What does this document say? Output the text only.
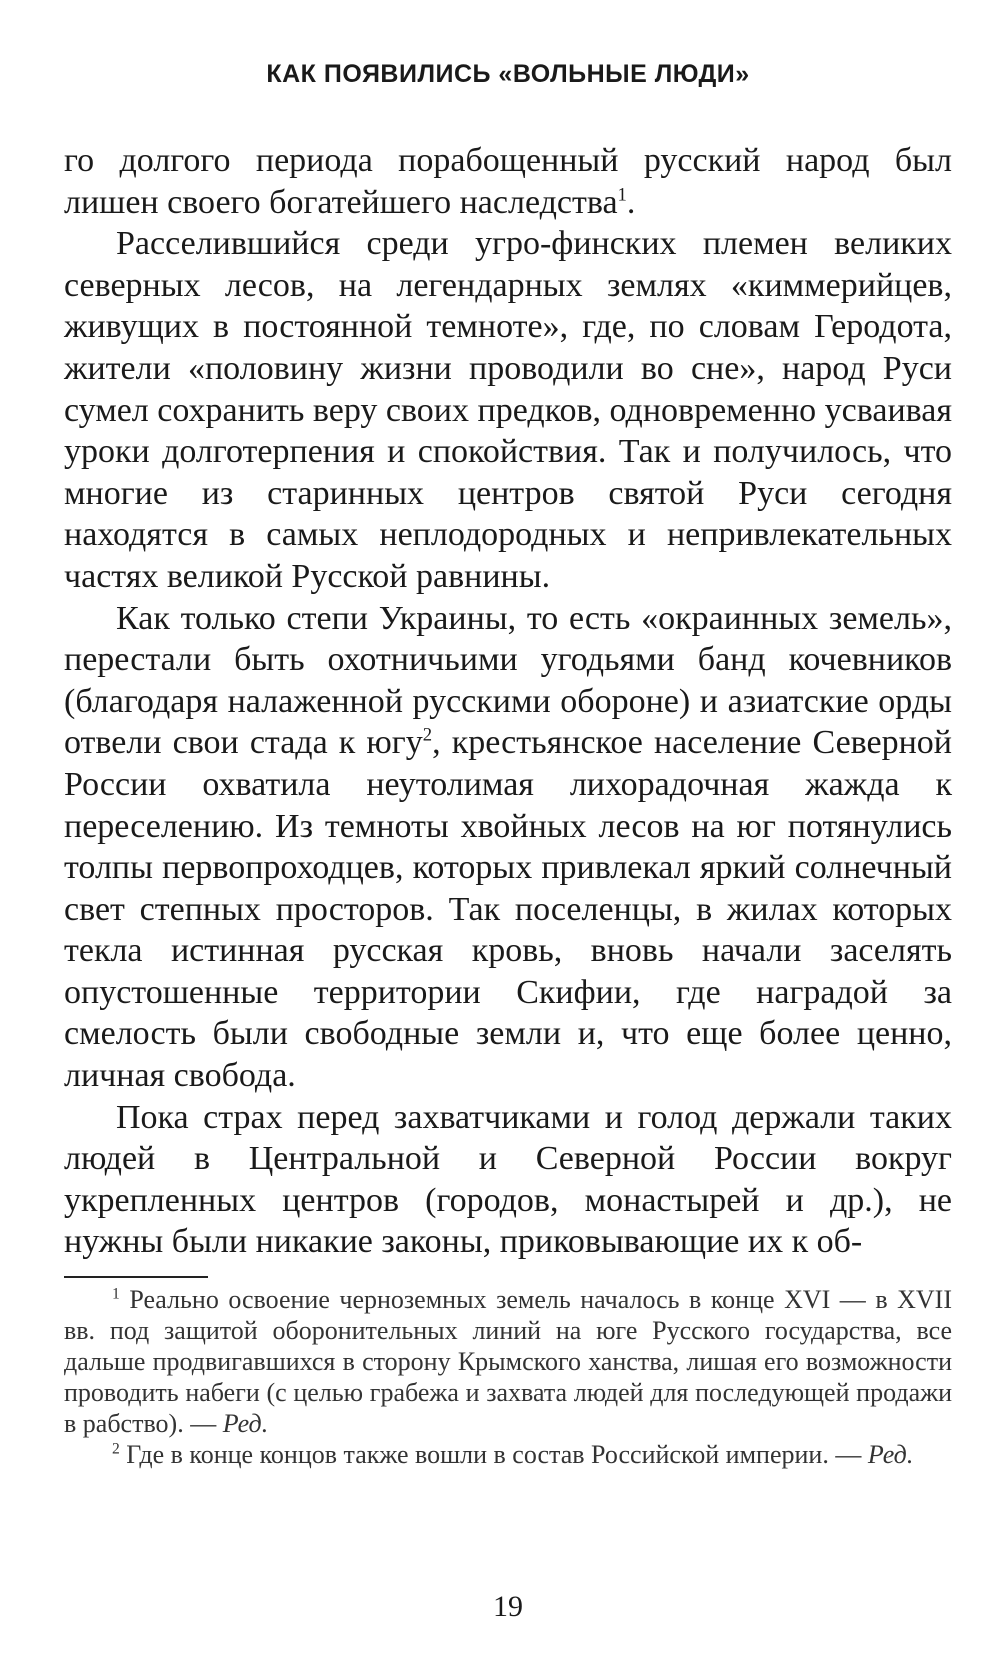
КАК ПОЯВИЛИСЬ «ВОЛЬНЫЕ ЛЮДИ»

го долгого периода порабощенный русский народ был лишен своего богатейшего наследства$^1$.

Расселившийся среди угро-финских племен великих северных лесов, на легендарных землях «киммерийцев, живущих в постоянной темноте», где, по словам Геродота, жители «половину жизни проводили во сне», народ Руси сумел сохранить веру своих предков, одновременно усваивая уроки долготерпения и спокойствия. Так и получилось, что многие из старинных центров святой Руси сегодня находятся в самых неплодородных и непривлекательных частях великой Русской равнины.

Как только степи Украины, то есть «окраинных земель», перестали быть охотничьими угодьями банд кочевников (благодаря налаженной русскими обороне) и азиатские орды отвели свои стада к югу$^2$, крестьянское население Северной России охватила неутолимая лихорадочная жажда к переселению. Из темноты хвойных лесов на юг потянулись толпы первопроходцев, которых привлекал яркий солнечный свет степных просторов. Так поселенцы, в жилах которых текла истинная русская кровь, вновь начали заселять опустошенные территории Скифии, где наградой за смелость были свободные земли и, что еще более ценно, личная свобода.

Пока страх перед захватчиками и голод держали таких людей в Центральной и Северной России вокруг укрепленных центров (городов, монастырей и др.), не нужны были никакие законы, приковывающие их к об-

$^1$ Реально освоение черноземных земель началось в конце XVI — в XVII вв. под защитой оборонительных линий на юге Русского государства, все дальше продвигавшихся в сторону Крымского ханства, лишая его возможности проводить набеги (с целью грабежа и захвата людей для последующей продажи в рабство). — Ред.

$^2$ Где в конце концов также вошли в состав Российской империи. — Ред.

19
